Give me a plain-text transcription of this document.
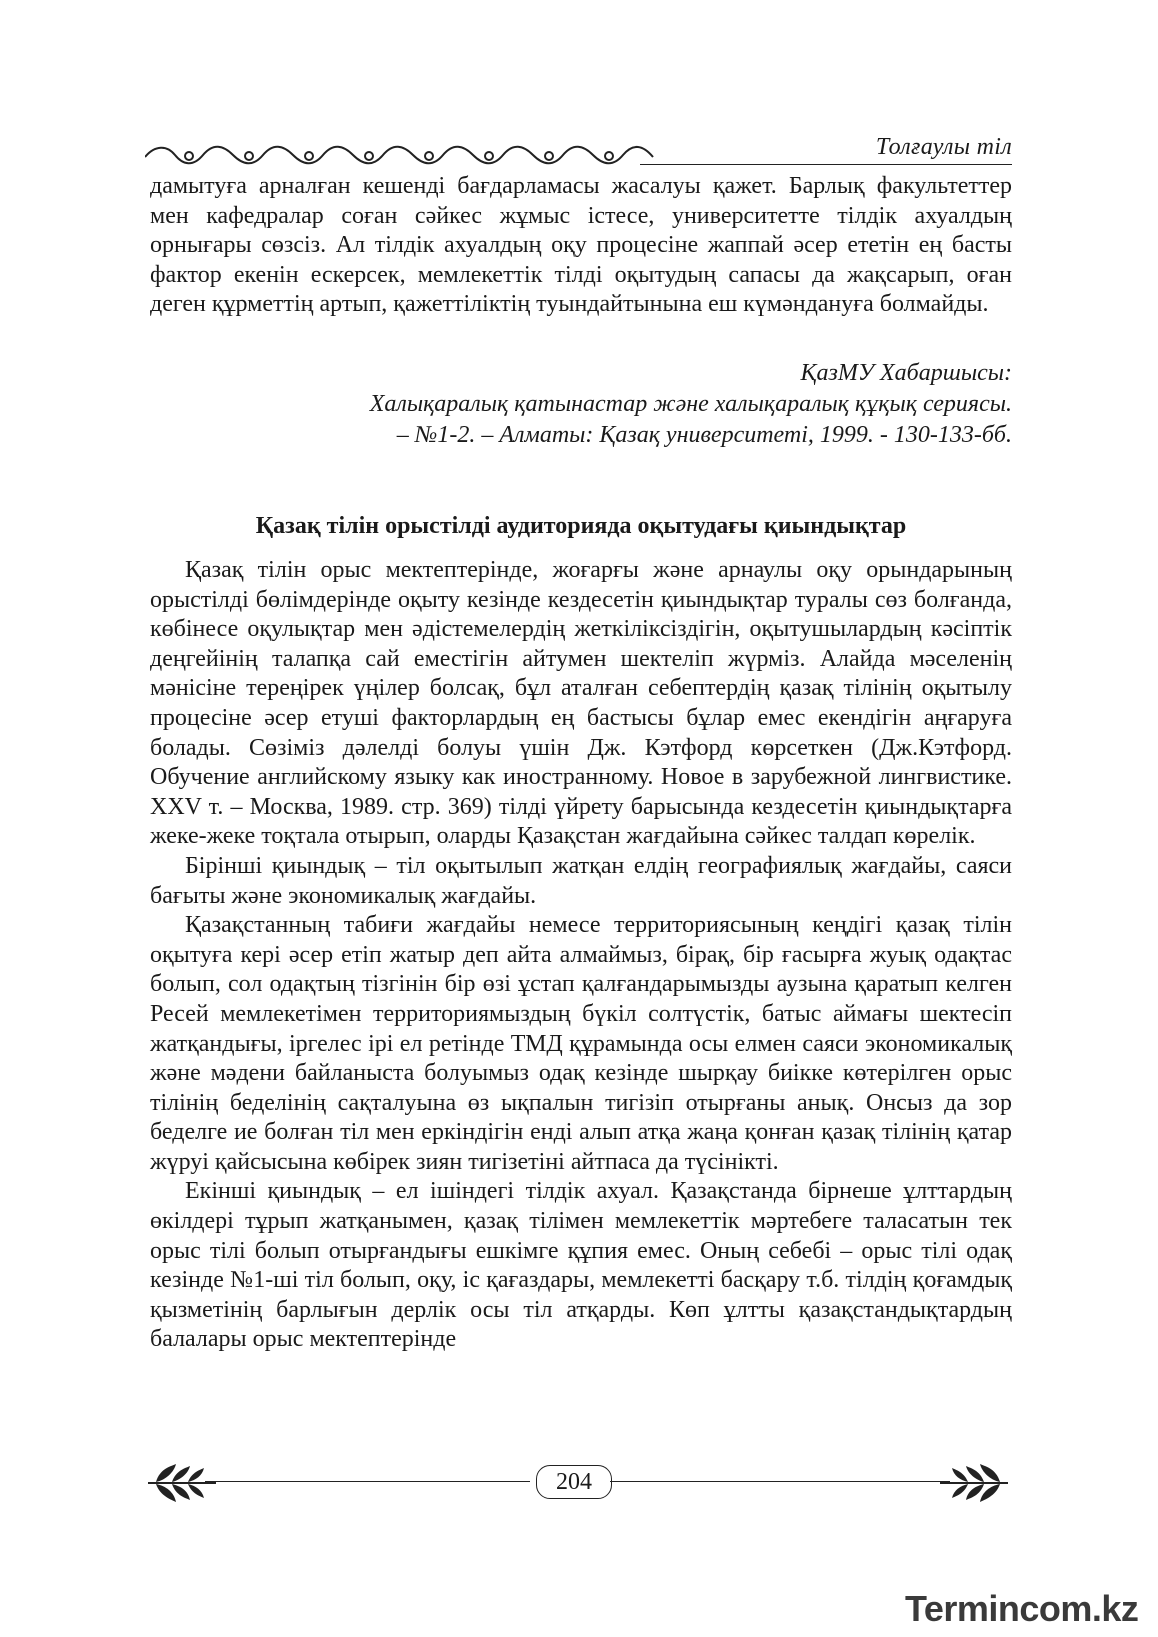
Толғаулы тіл

дамытуға арналған кешенді бағдарламасы жасалуы қажет. Барлық факультеттер мен кафедралар соған сәйкес жұмыс істесе, университетте тілдік ахуалдың орнығары сөзсіз. Ал тілдік ахуалдың оқу процесіне жаппай әсер ететін ең басты фактор екенін ескерсек, мемлекеттік тілді оқытудың сапасы да жақсарып, оған деген құрметтің артып, қажеттіліктің туындайтынына еш күмәндануға болмайды.

ҚазМУ Хабаршысы:
Халықаралық қатынастар және халықаралық құқық сериясы.
– №1-2. – Алматы: Қазақ университеті, 1999. - 130-133-бб.
Қазақ тілін орыстілді аудиторияда оқытудағы қиындықтар

Қазақ тілін орыс мектептерінде, жоғарғы және арнаулы оқу орындарының орыстілді бөлімдерінде оқыту кезінде кездесетін қиындықтар туралы сөз болғанда, көбінесе оқулықтар мен әдістемелердің жеткіліксіздігін, оқытушылардың кәсіптік деңгейінің талапқа сай еместігін айтумен шектеліп жүрміз. Алайда мәселенің мәнісіне тереңірек үңілер болсақ, бұл аталған себептердің қазақ тілінің оқытылу процесіне әсер етуші факторлардың ең бастысы бұлар емес екендігін аңғаруға болады. Сөзіміз дәлелді болуы үшін Дж. Кэтфорд көрсеткен (Дж.Кэтфорд. Обучение английскому языку как иностранному. Новое в зарубежной лингвистике. XXV т. – Москва, 1989. стр. 369) тілді үйрету барысында кездесетін қиындықтарға жеке-жеке тоқтала отырып, оларды Қазақстан жағдайына сәйкес талдап көрелік.

Бірінші қиындық – тіл оқытылып жатқан елдің географиялық жағдайы, саяси бағыты және экономикалық жағдайы.

Қазақстанның табиғи жағдайы немесе территориясының кеңдігі қазақ тілін оқытуға кері әсер етіп жатыр деп айта алмаймыз, бірақ, бір ғасырға жуық одақтас болып, сол одақтың тізгінін бір өзі ұстап қалғандарымызды аузына қаратып келген Ресей мемлекетімен территориямыздың бүкіл солтүстік, батыс аймағы шектесіп жатқандығы, іргелес ірі ел ретінде ТМД құрамында осы елмен саяси экономикалық және мәдени байланыста болуымыз одақ кезінде шырқау биікке көтерілген орыс тілінің беделінің сақталуына өз ықпалын тигізіп отырғаны анық. Онсыз да зор беделге ие болған тіл мен еркіндігін енді алып атқа жаңа қонған қазақ тілінің қатар жүруі қайсысына көбірек зиян тигізетіні айтпаса да түсінікті.

Екінші қиындық – ел ішіндегі тілдік ахуал. Қазақстанда бірнеше ұлттардың өкілдері тұрып жатқанымен, қазақ тілімен мемлекеттік мәртебеге таласатын тек орыс тілі болып отырғандығы ешкімге құпия емес. Оның себебі – орыс тілі одақ кезінде №1-ші тіл болып, оқу, іс қағаздары, мемлекетті басқару т.б. тілдің қоғамдық қызметінің барлығын дерлік осы тіл атқарды. Көп ұлтты қазақстандықтардың балалары орыс мектептерінде

204
Termincom.kz
